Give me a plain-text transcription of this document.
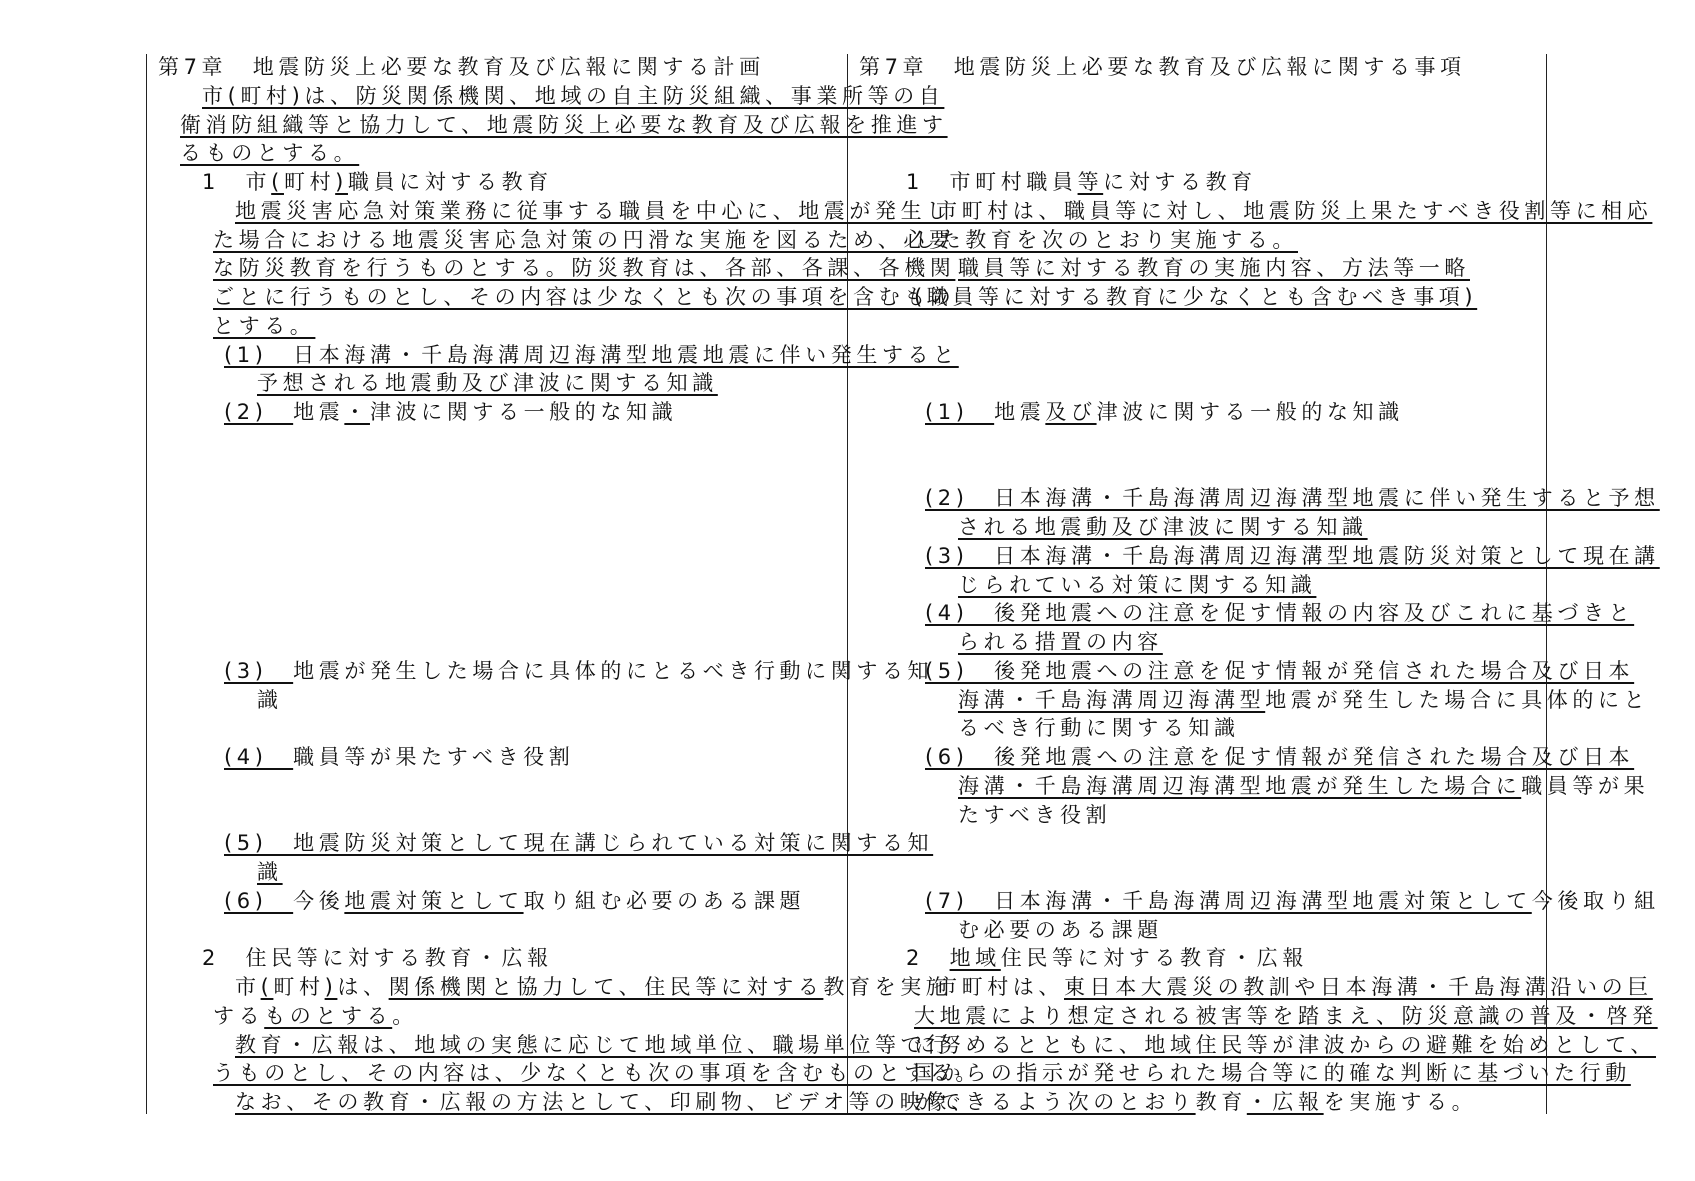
第7章　地震防災上必要な教育及び広報に関する計画
市(町村)は、防災関係機関、地域の自主防災組織、事業所等の自
衛消防組織等と協力して、地震防災上必要な教育及び広報を推進す
るものとする。
1　市(町村)職員に対する教育
地震災害応急対策業務に従事する職員を中心に、地震が発生し
た場合における地震災害応急対策の円滑な実施を図るため、必要
な防災教育を行うものとする。防災教育は、各部、各課、各機関
ごとに行うものとし、その内容は少なくとも次の事項を含むもの
とする。
(1)　日本海溝・千島海溝周辺海溝型地震地震に伴い発生すると
予想される地震動及び津波に関する知識
(2)　地震・津波に関する一般的な知識
(3)　地震が発生した場合に具体的にとるべき行動に関する知
識
(4)　職員等が果たすべき役割
(5)　地震防災対策として現在講じられている対策に関する知
識
(6)　今後地震対策として取り組む必要のある課題
2　住民等に対する教育・広報
市(町村)は、関係機関と協力して、住民等に対する教育を実施
するものとする。
教育・広報は、地域の実態に応じて地域単位、職場単位等で行
うものとし、その内容は、少なくとも次の事項を含むものとする。
なお、その教育・広報の方法として、印刷物、ビデオ等の映像、
第7章　地震防災上必要な教育及び広報に関する事項
1　市町村職員等に対する教育
市町村は、職員等に対し、地震防災上果たすべき役割等に相応
した教育を次のとおり実施する。
職員等に対する教育の実施内容、方法等一略
(職員等に対する教育に少なくとも含むべき事項)
(1)　地震及び津波に関する一般的な知識
(2)　日本海溝・千島海溝周辺海溝型地震に伴い発生すると予想
される地震動及び津波に関する知識
(3)　日本海溝・千島海溝周辺海溝型地震防災対策として現在講
じられている対策に関する知識
(4)　後発地震への注意を促す情報の内容及びこれに基づきと
られる措置の内容
(5)　後発地震への注意を促す情報が発信された場合及び日本
海溝・千島海溝周辺海溝型地震が発生した場合に具体的にと
るべき行動に関する知識
(6)　後発地震への注意を促す情報が発信された場合及び日本
海溝・千島海溝周辺海溝型地震が発生した場合に職員等が果
たすべき役割
(7)　日本海溝・千島海溝周辺海溝型地震対策として今後取り組
む必要のある課題
2　地域住民等に対する教育・広報
市町村は、東日本大震災の教訓や日本海溝・千島海溝沿いの巨
大地震により想定される被害等を踏まえ、防災意識の普及・啓発
に努めるとともに、地域住民等が津波からの避難を始めとして、
国からの指示が発せられた場合等に的確な判断に基づいた行動
ができるよう次のとおり教育・広報を実施する。
